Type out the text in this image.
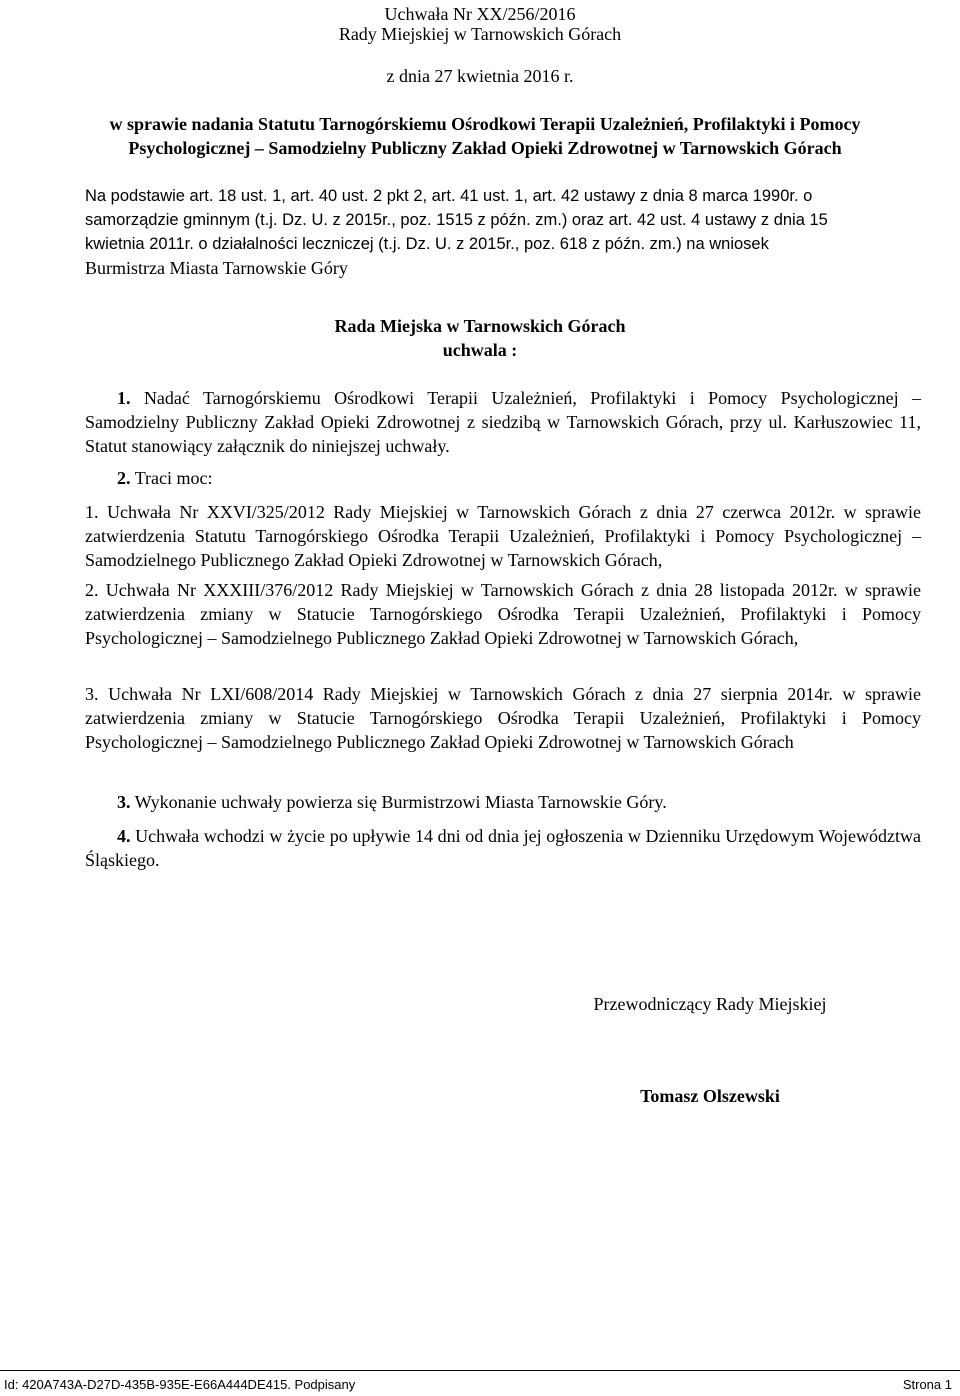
Uchwała Nr XX/256/2016
Rady Miejskiej w Tarnowskich Górach
z dnia 27 kwietnia 2016 r.
w sprawie nadania Statutu Tarnogórskiemu Ośrodkowi Terapii Uzależnień, Profilaktyki i Pomocy Psychologicznej – Samodzielny Publiczny Zakład Opieki Zdrowotnej w Tarnowskich Górach
Na podstawie art. 18 ust. 1, art. 40 ust. 2 pkt 2, art. 41 ust. 1, art. 42 ustawy z dnia 8 marca 1990r. o samorządzie gminnym (t.j. Dz. U. z 2015r., poz. 1515 z późn. zm.) oraz art. 42 ust. 4 ustawy z dnia 15 kwietnia 2011r. o działalności leczniczej (t.j. Dz. U. z 2015r., poz. 618 z późn. zm.) na wniosek
Burmistrza Miasta Tarnowskie Góry
Rada Miejska w Tarnowskich Górach
uchwala :
1. Nadać Tarnogórskiemu Ośrodkowi Terapii Uzależnień, Profilaktyki i Pomocy Psychologicznej – Samodzielny Publiczny Zakład Opieki Zdrowotnej z siedzibą w Tarnowskich Górach, przy ul. Karłuszowiec 11, Statut stanowiący załącznik do niniejszej uchwały.
2. Traci moc:
1. Uchwała Nr XXVI/325/2012 Rady Miejskiej w Tarnowskich Górach z dnia 27 czerwca 2012r. w sprawie zatwierdzenia Statutu Tarnogórskiego Ośrodka Terapii Uzależnień, Profilaktyki i Pomocy Psychologicznej – Samodzielnego Publicznego Zakład Opieki Zdrowotnej w Tarnowskich Górach,
2. Uchwała Nr XXXIII/376/2012 Rady Miejskiej w Tarnowskich Górach z dnia 28 listopada 2012r. w sprawie zatwierdzenia zmiany w Statucie Tarnogórskiego Ośrodka Terapii Uzależnień, Profilaktyki i Pomocy Psychologicznej – Samodzielnego Publicznego Zakład Opieki Zdrowotnej w Tarnowskich Górach,
3. Uchwała Nr LXI/608/2014 Rady Miejskiej w Tarnowskich Górach z dnia 27 sierpnia 2014r. w sprawie zatwierdzenia zmiany w Statucie Tarnogórskiego Ośrodka Terapii Uzależnień, Profilaktyki i Pomocy Psychologicznej – Samodzielnego Publicznego Zakład Opieki Zdrowotnej w Tarnowskich Górach
3. Wykonanie uchwały powierza się Burmistrzowi Miasta Tarnowskie Góry.
4. Uchwała wchodzi w życie po upływie 14 dni od dnia jej ogłoszenia w Dzienniku Urzędowym Województwa Śląskiego.
Przewodniczący Rady Miejskiej
Tomasz Olszewski
Id: 420A743A-D27D-435B-935E-E66A444DE415. Podpisany	Strona 1
